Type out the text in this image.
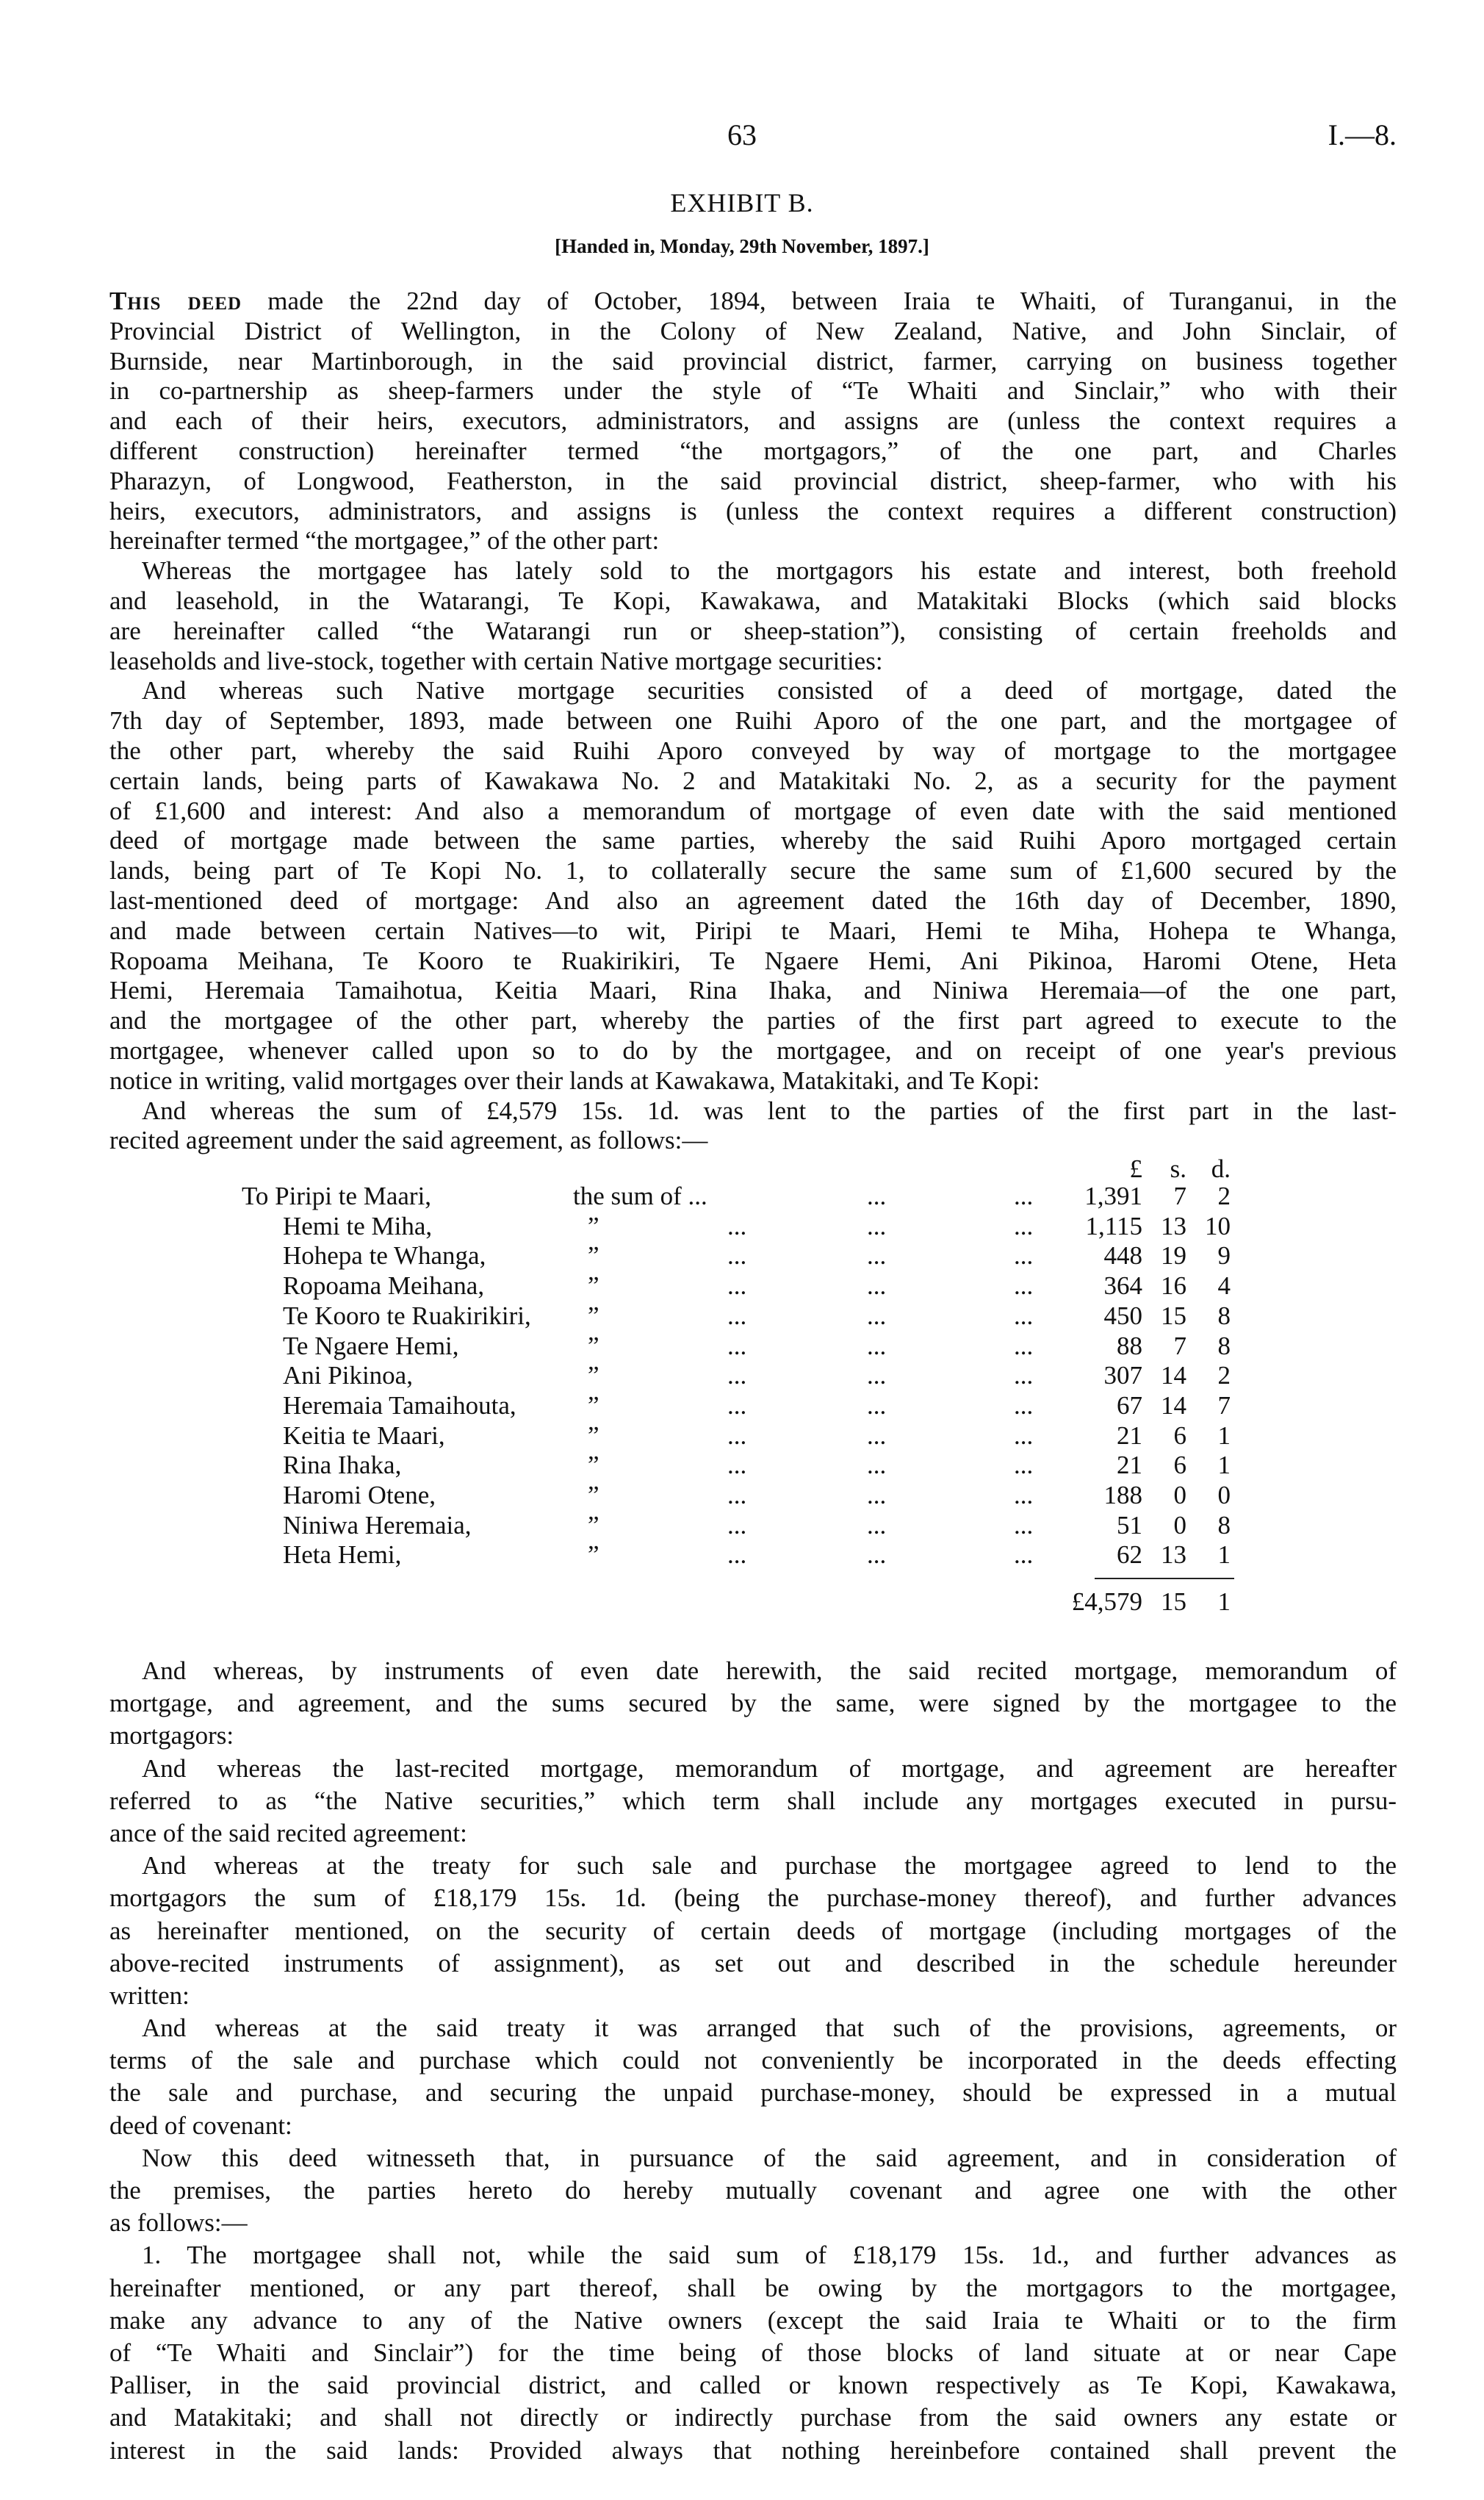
63	I.—8.
EXHIBIT B.
[Handed in, Monday, 29th November, 1897.]
This deed made the 22nd day of October, 1894, between Iraia te Whaiti, of Turanganui, in the
Provincial District of Wellington, in the Colony of New Zealand, Native, and John Sinclair, of
Burnside, near Martinborough, in the said provincial district, farmer, carrying on business together
in co-partnership as sheep-farmers under the style of “Te Whaiti and Sinclair,” who with their
and each of their heirs, executors, administrators, and assigns are (unless the context requires a
different construction) hereinafter termed “the mortgagors,” of the one part, and Charles
Pharazyn, of Longwood, Featherston, in the said provincial district, sheep-farmer, who with his
heirs, executors, administrators, and assigns is (unless the context requires a different construction)
hereinafter termed “the mortgagee,” of the other part:
Whereas the mortgagee has lately sold to the mortgagors his estate and interest, both freehold
and leasehold, in the Watarangi, Te Kopi, Kawakawa, and Matakitaki Blocks (which said blocks
are hereinafter called “the Watarangi run or sheep-station”), consisting of certain freeholds and
leaseholds and live-stock, together with certain Native mortgage securities:
And whereas such Native mortgage securities consisted of a deed of mortgage, dated the
7th day of September, 1893, made between one Ruihi Aporo of the one part, and the mortgagee of
the other part, whereby the said Ruihi Aporo conveyed by way of mortgage to the mortgagee
certain lands, being parts of Kawakawa No. 2 and Matakitaki No. 2, as a security for the payment
of £1,600 and interest: And also a memorandum of mortgage of even date with the said mentioned
deed of mortgage made between the same parties, whereby the said Ruihi Aporo mortgaged certain
lands, being part of Te Kopi No. 1, to collaterally secure the same sum of £1,600 secured by the
last-mentioned deed of mortgage: And also an agreement dated the 16th day of December, 1890,
and made between certain Natives—to wit, Piripi te Maari, Hemi te Miha, Hohepa te Whanga,
Ropoama Meihana, Te Kooro te Ruakirikiri, Te Ngaere Hemi, Ani Pikinoa, Haromi Otene, Heta
Hemi, Heremaia Tamaihotua, Keitia Maari, Rina Ihaka, and Niniwa Heremaia—of the one part,
and the mortgagee of the other part, whereby the parties of the first part agreed to execute to the
mortgagee, whenever called upon so to do by the mortgagee, and on receipt of one year's previous
notice in writing, valid mortgages over their lands at Kawakawa, Matakitaki, and Te Kopi:
And whereas the sum of £4,579 15s. 1d. was lent to the parties of the first part in the last-
recited agreement under the said agreement, as follows:—
£ s. d.
To Piripi te Maari,	the sum of ...	...	... 1,391 7 2
Hemi te Miha,	”	...	...	... 1,115 13 10
Hohepa te Whanga,	”	...	...	...	448 19 9
Ropoama Meihana,	”	...	...	...	364 16 4
Te Kooro te Ruakirikiri, ”	...	...	...	450 15 8
Te Ngaere Hemi,	”	...	...	...	88 7 8
Ani Pikinoa,	”	...	...	...	307 14 2
Heremaia Tamaihouta,	”	...	...	...	67 14 7
Keitia te Maari,	”	...	...	...	21 6 1
Rina Ihaka,	”	...	...	...	21 6 1
Haromi Otene,	”	...	...	...	188 0 0
Niniwa Heremaia,	”	...	...	...	51 0 8
Heta Hemi,	”	...	...	...	62 13 1
£4,579 15 1
And whereas, by instruments of even date herewith, the said recited mortgage, memorandum of
mortgage, and agreement, and the sums secured by the same, were signed by the mortgagee to the
mortgagors:
And whereas the last-recited mortgage, memorandum of mortgage, and agreement are hereafter
referred to as “the Native securities,” which term shall include any mortgages executed in pursu-
ance of the said recited agreement:
And whereas at the treaty for such sale and purchase the mortgagee agreed to lend to the
mortgagors the sum of £18,179 15s. 1d. (being the purchase-money thereof), and further advances
as hereinafter mentioned, on the security of certain deeds of mortgage (including mortgages of the
above-recited instruments of assignment), as set out and described in the schedule hereunder
written:
And whereas at the said treaty it was arranged that such of the provisions, agreements, or
terms of the sale and purchase which could not conveniently be incorporated in the deeds effecting
the sale and purchase, and securing the unpaid purchase-money, should be expressed in a mutual
deed of covenant:
Now this deed witnesseth that, in pursuance of the said agreement, and in consideration of
the premises, the parties hereto do hereby mutually covenant and agree one with the other
as follows:—
1. The mortgagee shall not, while the said sum of £18,179 15s. 1d., and further advances as
hereinafter mentioned, or any part thereof, shall be owing by the mortgagors to the mortgagee,
make any advance to any of the Native owners (except the said Iraia te Whaiti or to the firm
of “Te Whaiti and Sinclair”) for the time being of those blocks of land situate at or near Cape
Palliser, in the said provincial district, and called or known respectively as Te Kopi, Kawakawa,
and Matakitaki; and shall not directly or indirectly purchase from the said owners any estate or
interest in the said lands: Provided always that nothing hereinbefore contained shall prevent the
